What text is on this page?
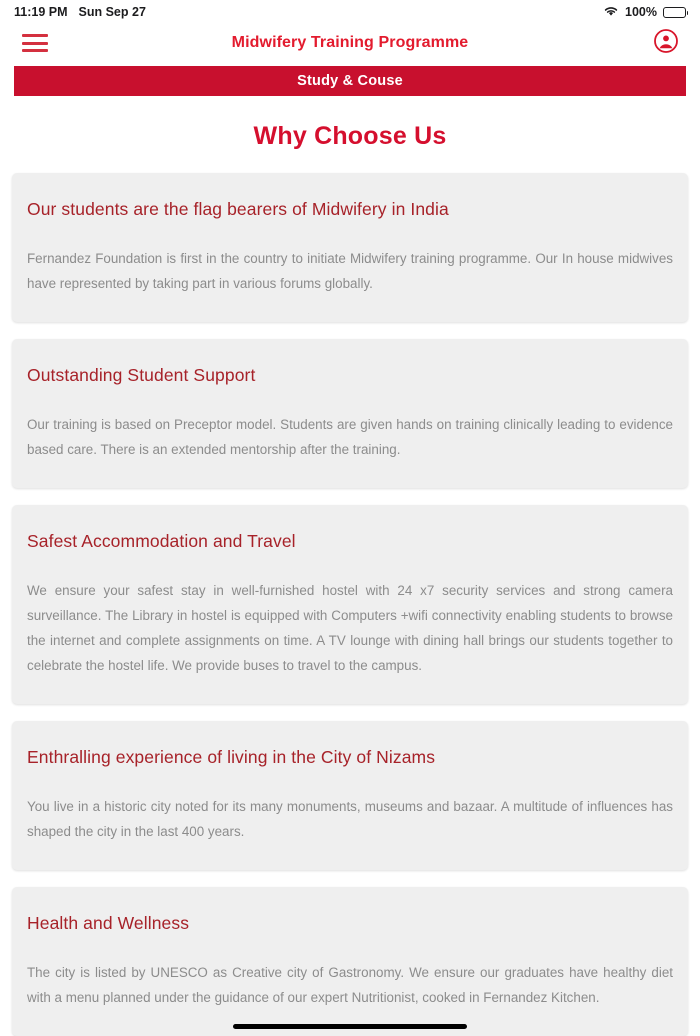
11:19 PM Sun Sep 27	100%
Midwifery Training Programme
Study & Couse
Why Choose Us
Our students are the flag bearers of Midwifery in India
Fernandez Foundation is first in the country to initiate Midwifery training programme. Our In house midwives have represented by taking part in various forums globally.
Outstanding Student Support
Our training is based on Preceptor model. Students are given hands on training clinically leading to evidence based care. There is an extended mentorship after the training.
Safest Accommodation and Travel
We ensure your safest stay in well-furnished hostel with 24 x7 security services and strong camera surveillance. The Library in hostel is equipped with Computers +wifi connectivity enabling students to browse the internet and complete assignments on time. A TV lounge with dining hall brings our students together to celebrate the hostel life. We provide buses to travel to the campus.
Enthralling experience of living in the City of Nizams
You live in a historic city noted for its many monuments, museums and bazaar. A multitude of influences has shaped the city in the last 400 years.
Health and Wellness
The city is listed by UNESCO as Creative city of Gastronomy. We ensure our graduates have healthy diet with a menu planned under the guidance of our expert Nutritionist, cooked in Fernandez Kitchen.
